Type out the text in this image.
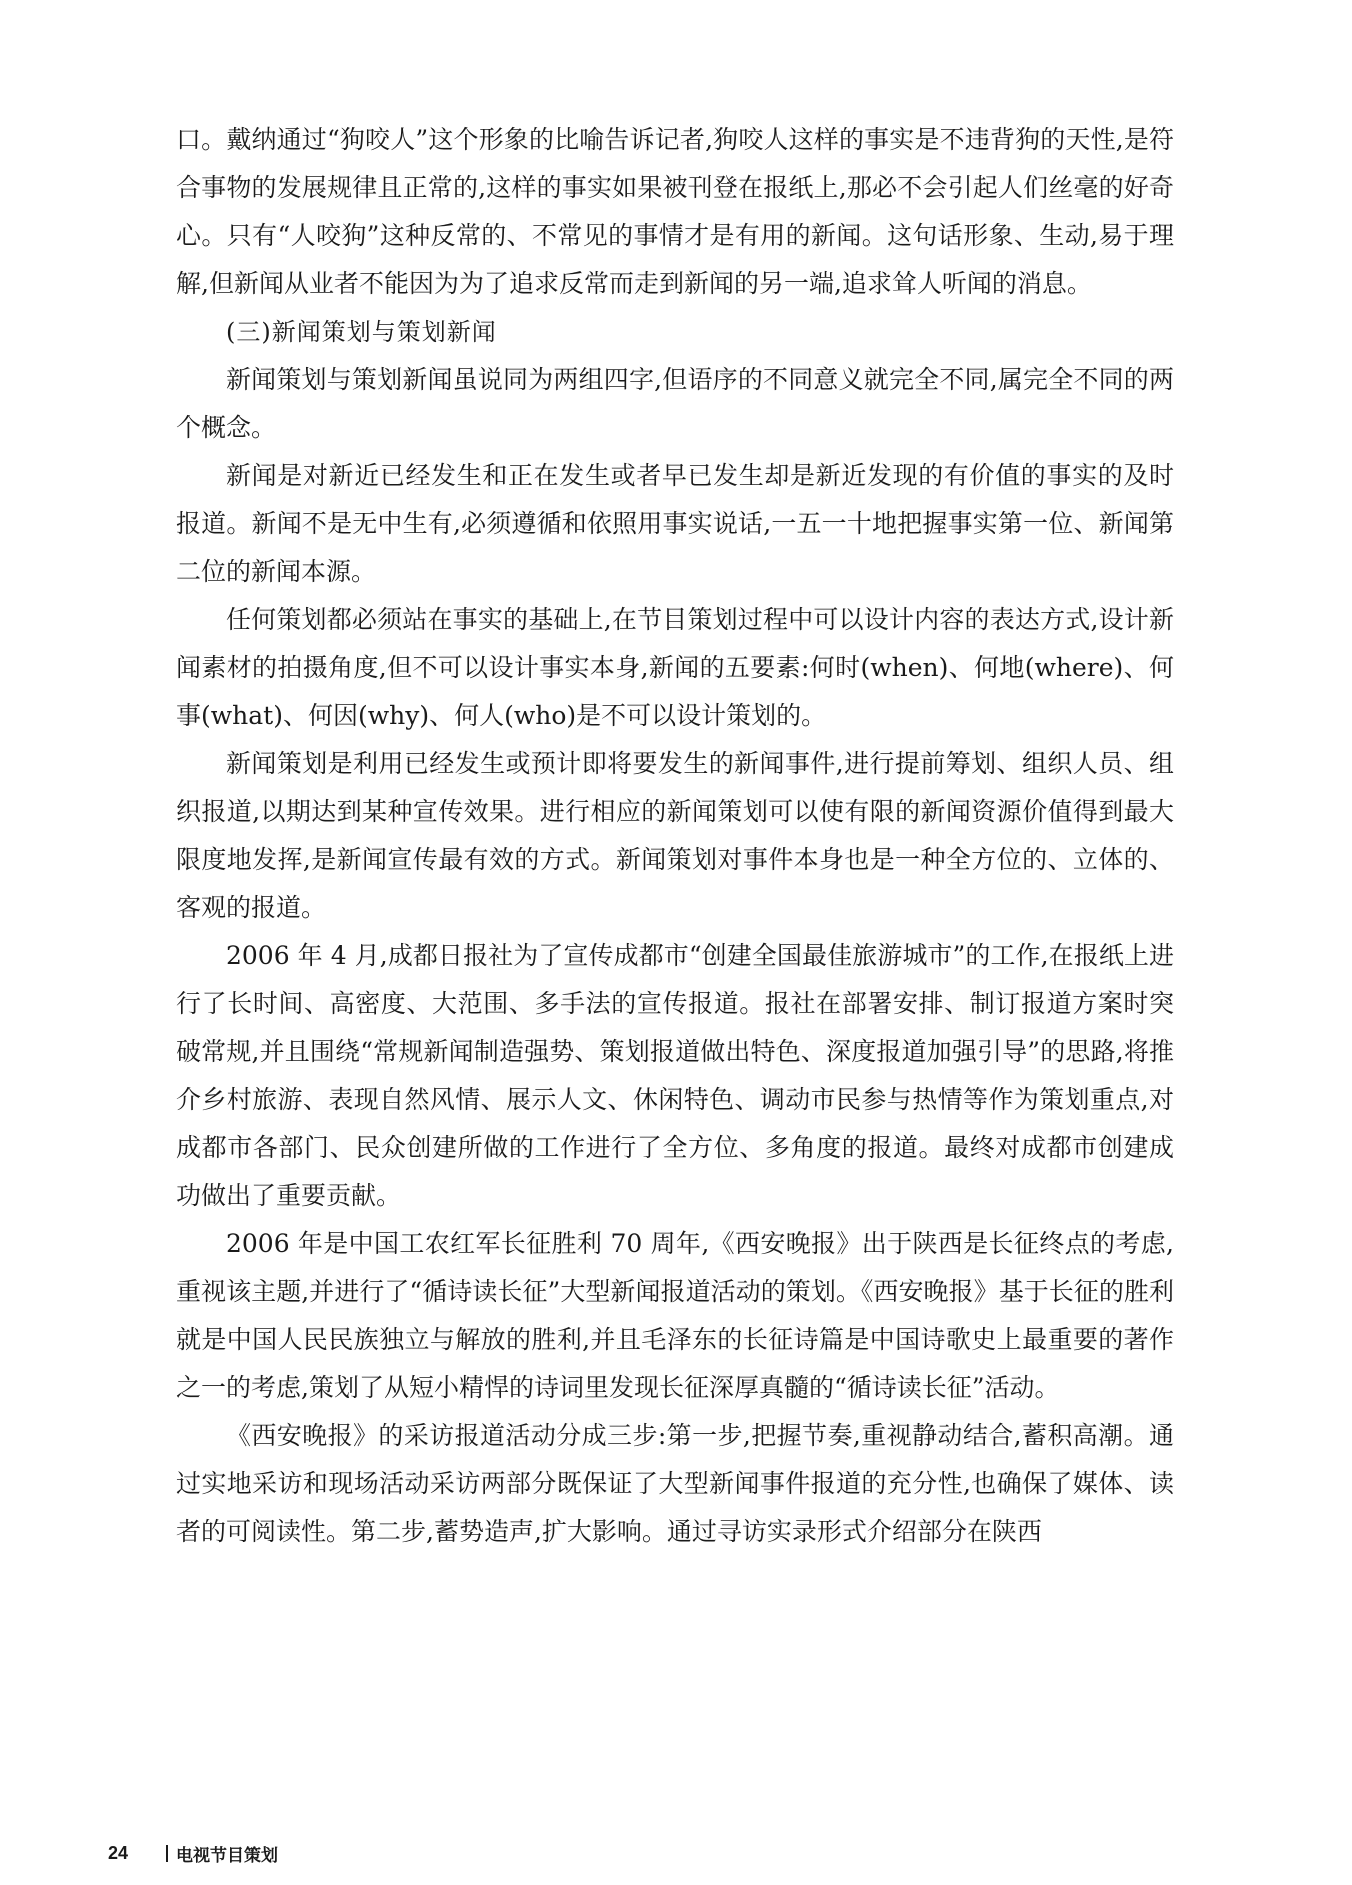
口。戴纳通过“狗咬人”这个形象的比喻告诉记者,狗咬人这样的事实是不违背狗的天性,是符合事物的发展规律且正常的,这样的事实如果被刊登在报纸上,那必不会引起人们丝毫的好奇心。只有“人咬狗”这种反常的、不常见的事情才是有用的新闻。这句话形象、生动,易于理解,但新闻从业者不能因为为了追求反常而走到新闻的另一端,追求耸人听闻的消息。

(三)新闻策划与策划新闻

新闻策划与策划新闻虽说同为两组四字,但语序的不同意义就完全不同,属完全不同的两个概念。

新闻是对新近已经发生和正在发生或者早已发生却是新近发现的有价值的事实的及时报道。新闻不是无中生有,必须遵循和依照用事实说话,一五一十地把握事实第一位、新闻第二位的新闻本源。

任何策划都必须站在事实的基础上,在节目策划过程中可以设计内容的表达方式,设计新闻素材的拍摄角度,但不可以设计事实本身,新闻的五要素:何时(when)、何地(where)、何事(what)、何因(why)、何人(who)是不可以设计策划的。

新闻策划是利用已经发生或预计即将要发生的新闻事件,进行提前筹划、组织人员、组织报道,以期达到某种宣传效果。进行相应的新闻策划可以使有限的新闻资源价值得到最大限度地发挥,是新闻宣传最有效的方式。新闻策划对事件本身也是一种全方位的、立体的、客观的报道。

2006 年 4 月,成都日报社为了宣传成都市“创建全国最佳旅游城市”的工作,在报纸上进行了长时间、高密度、大范围、多手法的宣传报道。报社在部署安排、制订报道方案时突破常规,并且围绕“常规新闻制造强势、策划报道做出特色、深度报道加强引导”的思路,将推介乡村旅游、表现自然风情、展示人文、休闲特色、调动市民参与热情等作为策划重点,对成都市各部门、民众创建所做的工作进行了全方位、多角度的报道。最终对成都市创建成功做出了重要贡献。

2006 年是中国工农红军长征胜利 70 周年,《西安晚报》出于陕西是长征终点的考虑,重视该主题,并进行了“循诗读长征”大型新闻报道活动的策划。《西安晚报》基于长征的胜利就是中国人民民族独立与解放的胜利,并且毛泽东的长征诗篇是中国诗歌史上最重要的著作之一的考虑,策划了从短小精悍的诗词里发现长征深厚真髓的“循诗读长征”活动。

《西安晚报》的采访报道活动分成三步:第一步,把握节奏,重视静动结合,蓄积高潮。通过实地采访和现场活动采访两部分既保证了大型新闻事件报道的充分性,也确保了媒体、读者的可阅读性。第二步,蓄势造声,扩大影响。通过寻访实录形式介绍部分在陕西

24	电视节目策划
